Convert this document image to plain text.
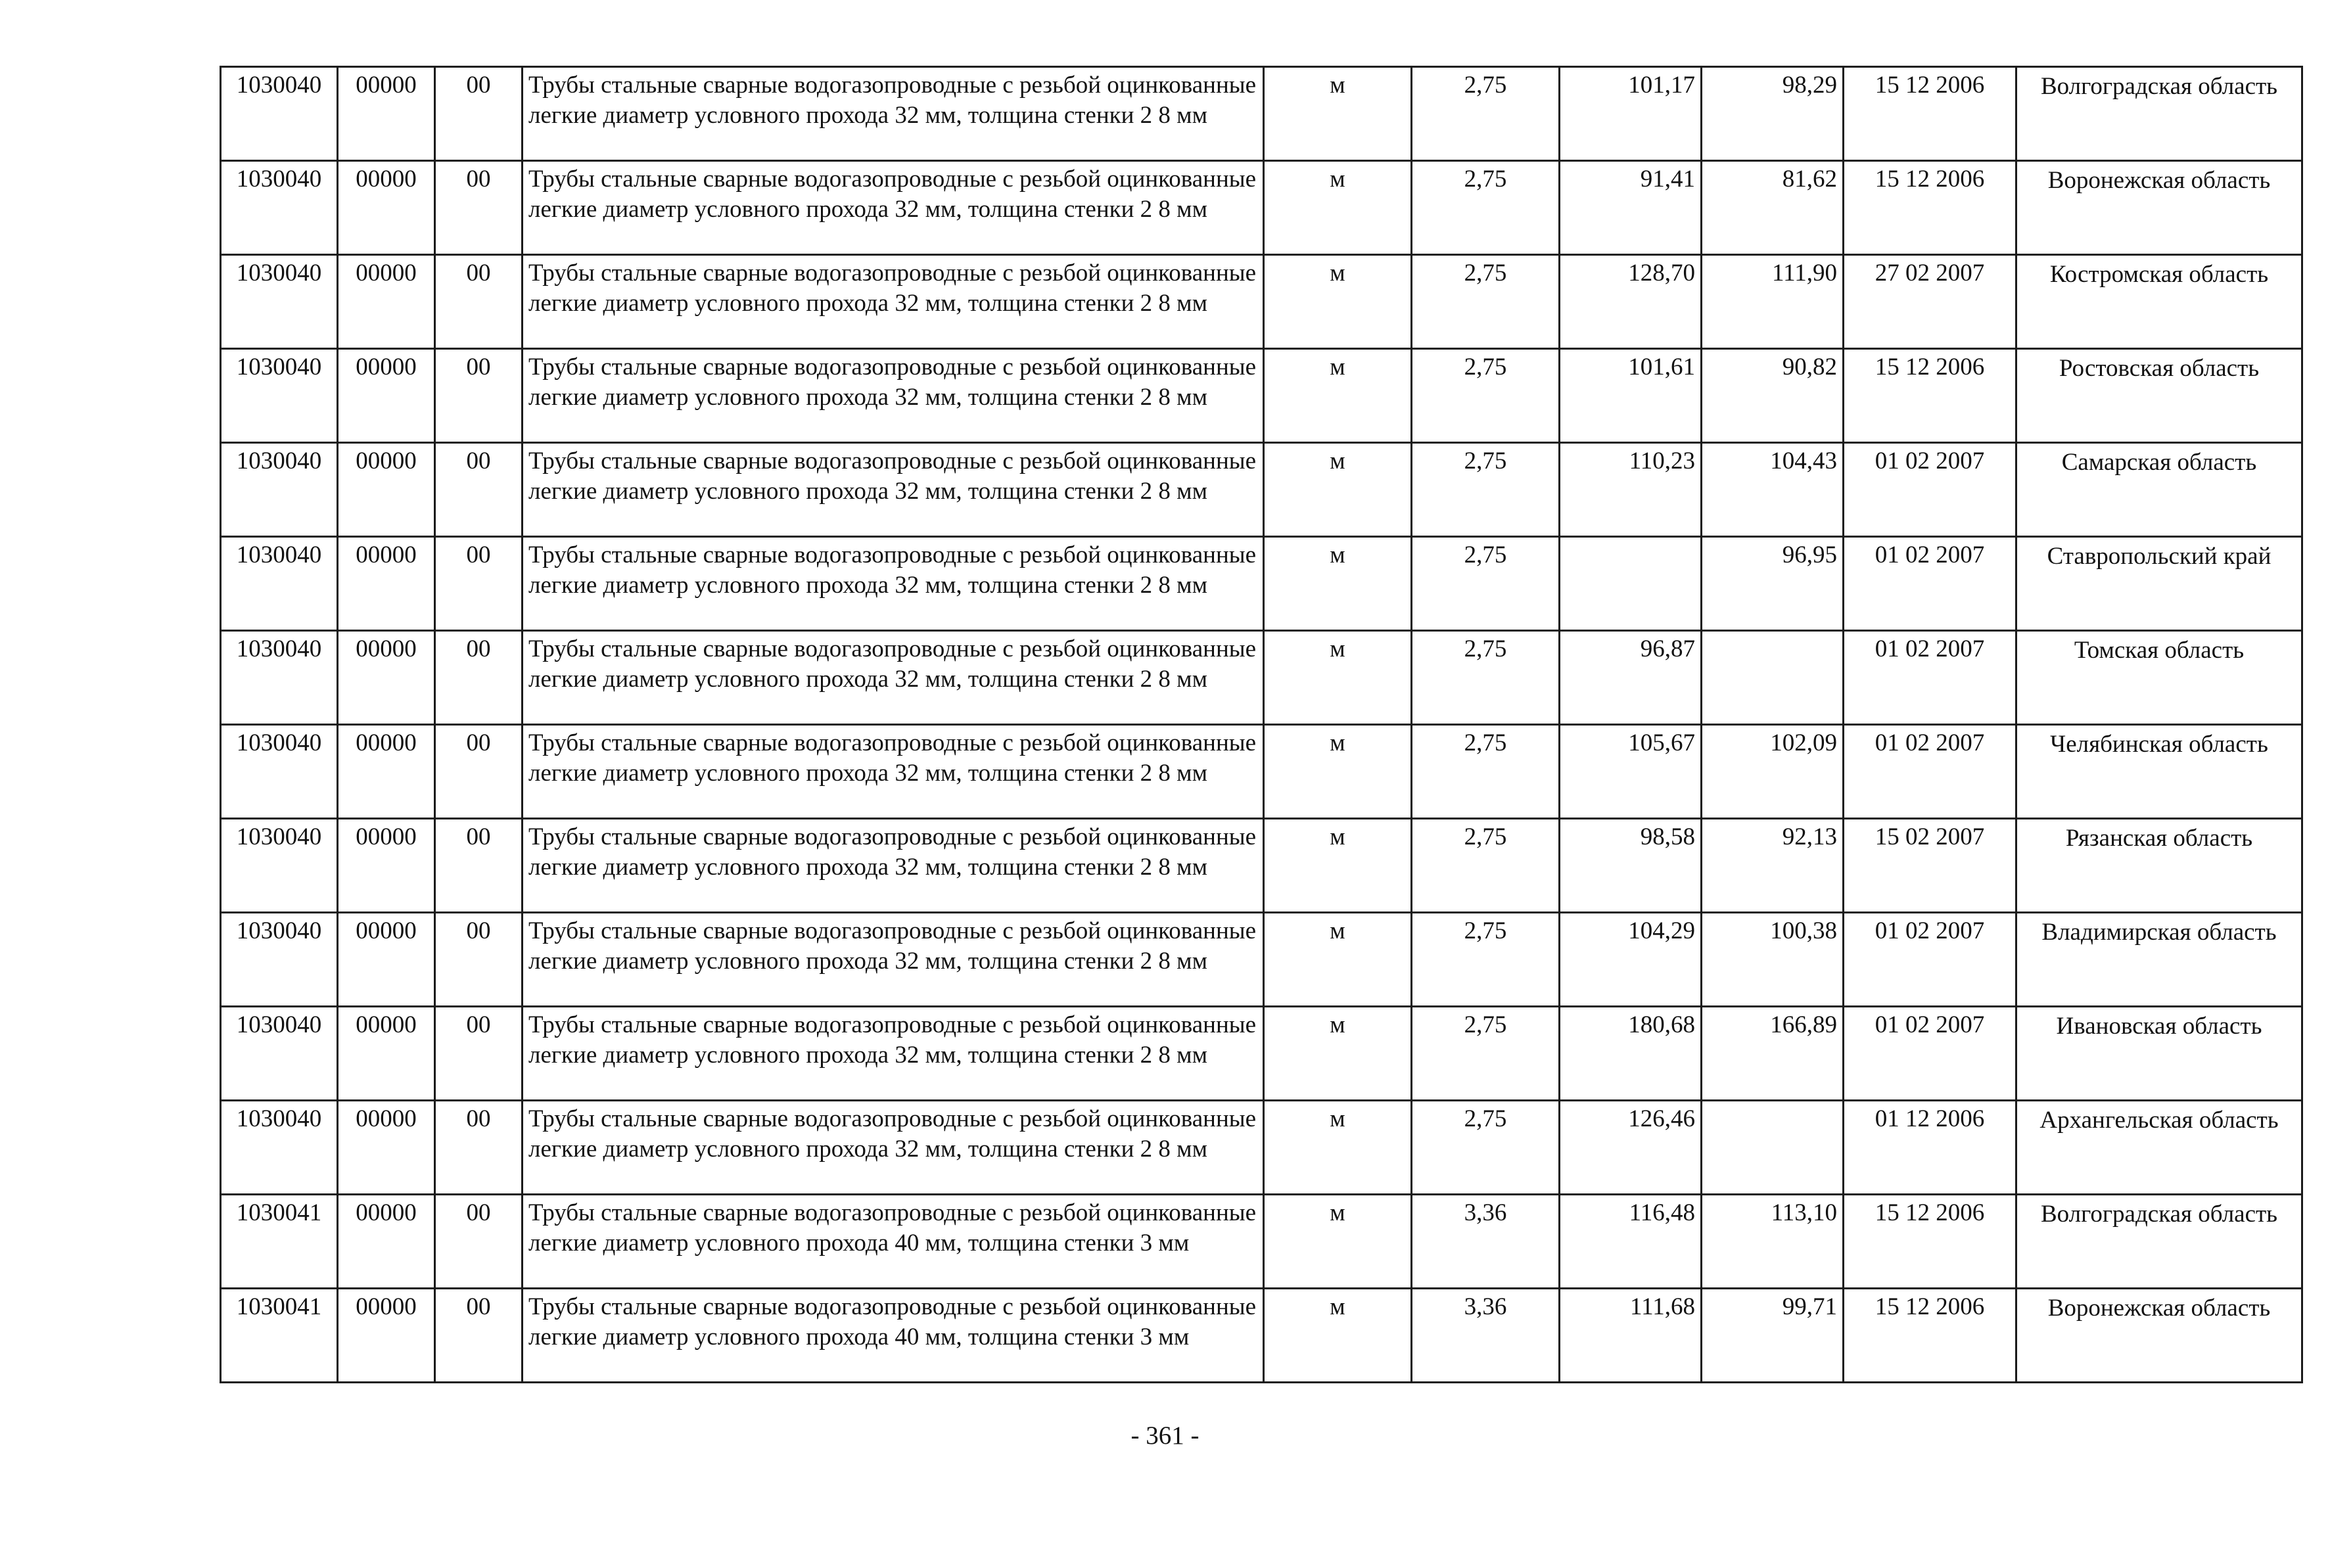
1030040	00000	00	Трубы стальные сварные водогазопроводные с резьбой оцинкованные легкие диаметр условного прохода 32 мм, толщина стенки 2 8 мм	м	2,75	101,17	98,29	15 12 2006	Волгоградская область
1030040	00000	00	Трубы стальные сварные водогазопроводные с резьбой оцинкованные легкие диаметр условного прохода 32 мм, толщина стенки 2 8 мм	м	2,75	91,41	81,62	15 12 2006	Воронежская область
1030040	00000	00	Трубы стальные сварные водогазопроводные с резьбой оцинкованные легкие диаметр условного прохода 32 мм, толщина стенки 2 8 мм	м	2,75	128,70	111,90	27 02 2007	Костромская область
1030040	00000	00	Трубы стальные сварные водогазопроводные с резьбой оцинкованные легкие диаметр условного прохода 32 мм, толщина стенки 2 8 мм	м	2,75	101,61	90,82	15 12 2006	Ростовская область
1030040	00000	00	Трубы стальные сварные водогазопроводные с резьбой оцинкованные легкие диаметр условного прохода 32 мм, толщина стенки 2 8 мм	м	2,75	110,23	104,43	01 02 2007	Самарская область
1030040	00000	00	Трубы стальные сварные водогазопроводные с резьбой оцинкованные легкие диаметр условного прохода 32 мм, толщина стенки 2 8 мм	м	2,75		96,95	01 02 2007	Ставропольский край
1030040	00000	00	Трубы стальные сварные водогазопроводные с резьбой оцинкованные легкие диаметр условного прохода 32 мм, толщина стенки 2 8 мм	м	2,75	96,87		01 02 2007	Томская область
1030040	00000	00	Трубы стальные сварные водогазопроводные с резьбой оцинкованные легкие диаметр условного прохода 32 мм, толщина стенки 2 8 мм	м	2,75	105,67	102,09	01 02 2007	Челябинская область
1030040	00000	00	Трубы стальные сварные водогазопроводные с резьбой оцинкованные легкие диаметр условного прохода 32 мм, толщина стенки 2 8 мм	м	2,75	98,58	92,13	15 02 2007	Рязанская область
1030040	00000	00	Трубы стальные сварные водогазопроводные с резьбой оцинкованные легкие диаметр условного прохода 32 мм, толщина стенки 2 8 мм	м	2,75	104,29	100,38	01 02 2007	Владимирская область
1030040	00000	00	Трубы стальные сварные водогазопроводные с резьбой оцинкованные легкие диаметр условного прохода 32 мм, толщина стенки 2 8 мм	м	2,75	180,68	166,89	01 02 2007	Ивановская область
1030040	00000	00	Трубы стальные сварные водогазопроводные с резьбой оцинкованные легкие диаметр условного прохода 32 мм, толщина стенки 2 8 мм	м	2,75	126,46		01 12 2006	Архангельская область
1030041	00000	00	Трубы стальные сварные водогазопроводные с резьбой оцинкованные легкие диаметр условного прохода 40 мм, толщина стенки 3 мм	м	3,36	116,48	113,10	15 12 2006	Волгоградская область
1030041	00000	00	Трубы стальные сварные водогазопроводные с резьбой оцинкованные легкие диаметр условного прохода 40 мм, толщина стенки 3 мм	м	3,36	111,68	99,71	15 12 2006	Воронежская область
- 361 -
